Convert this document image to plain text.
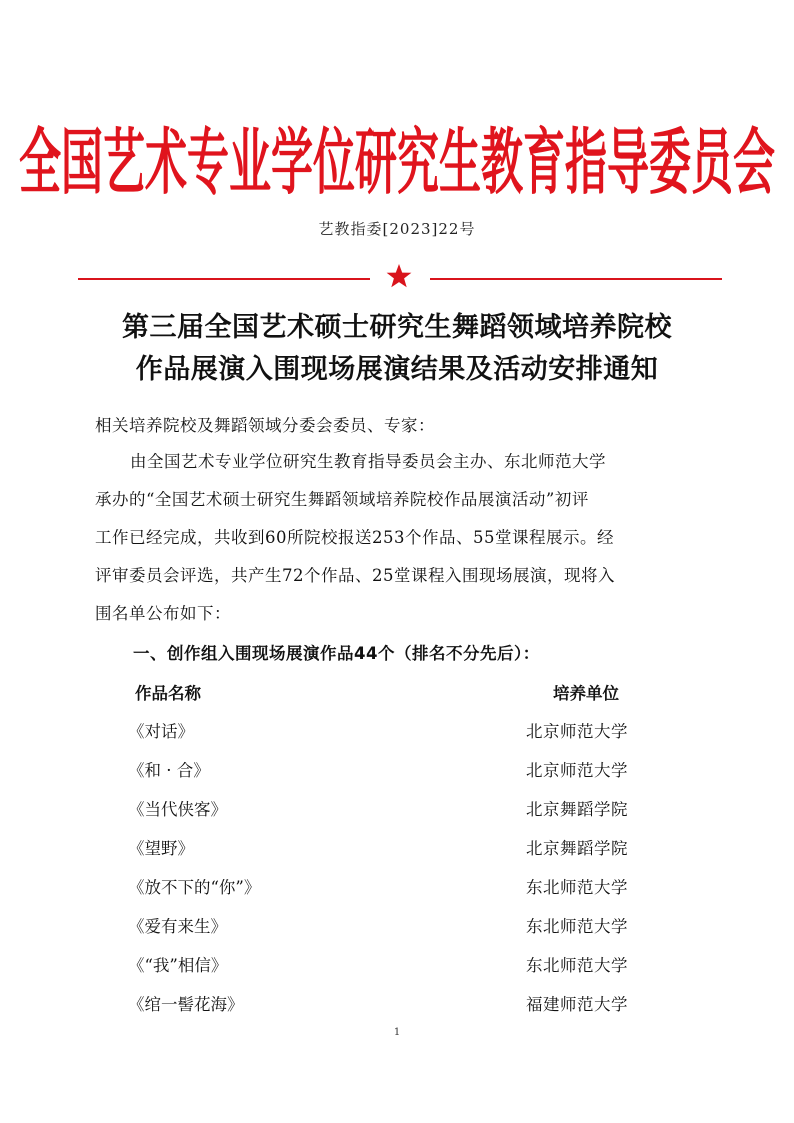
全国艺术专业学位研究生教育指导委员会
艺教指委[2023]22号
第三届全国艺术硕士研究生舞蹈领域培养院校
作品展演入围现场展演结果及活动安排通知
相关培养院校及舞蹈领域分委会委员、专家：
由全国艺术专业学位研究生教育指导委员会主办、东北师范大学
承办的“全国艺术硕士研究生舞蹈领域培养院校作品展演活动”初评
工作已经完成，共收到60所院校报送253个作品、55堂课程展示。经
评审委员会评选，共产生72个作品、25堂课程入围现场展演，现将入
围名单公布如下：
一、创作组入围现场展演作品44个（排名不分先后）：
作品名称	培养单位
《对话》	北京师范大学
《和 · 合》	北京师范大学
《当代侠客》	北京舞蹈学院
《望野》	北京舞蹈学院
《放不下的“你”》	东北师范大学
《爱有来生》	东北师范大学
《“我”相信》	东北师范大学
《绾一髻花海》	福建师范大学
1
